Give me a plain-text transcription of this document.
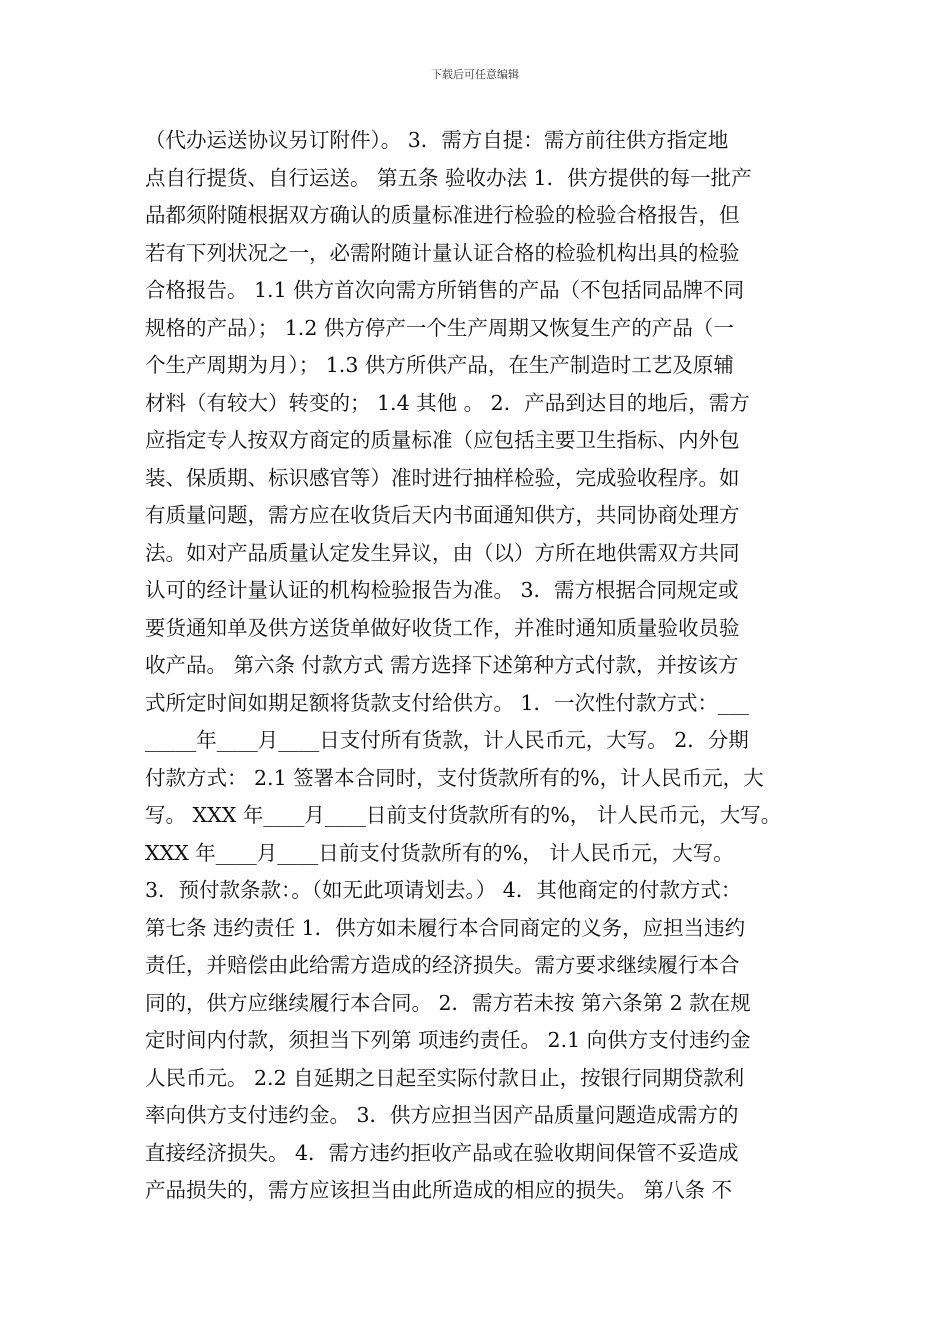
下载后可任意编辑
（代办运送协议另订附件）。 3．需方自提：需方前往供方指定地
点自行提货、自行运送。 第五条 验收办法 1．供方提供的每一批产
品都须附随根据双方确认的质量标准进行检验的检验合格报告，但
若有下列状况之一，必需附随计量认证合格的检验机构出具的检验
合格报告。 1.1 供方首次向需方所销售的产品（不包括同品牌不同
规格的产品）； 1.2 供方停产一个生产周期又恢复生产的产品（一
个生产周期为月）； 1.3 供方所供产品，在生产制造时工艺及原辅
材料（有较大）转变的； 1.4 其他 。 2．产品到达目的地后，需方
应指定专人按双方商定的质量标准（应包括主要卫生指标、内外包
装、保质期、标识感官等）准时进行抽样检验，完成验收程序。如
有质量问题，需方应在收货后天内书面通知供方，共同协商处理方
法。如对产品质量认定发生异议，由（以）方所在地供需双方共同
认可的经计量认证的机构检验报告为准。 3．需方根据合同规定或
要货通知单及供方送货单做好收货工作，并准时通知质量验收员验
收产品。 第六条 付款方式 需方选择下述第种方式付款，并按该方
式所定时间如期足额将货款支付给供方。 1．一次性付款方式：___
_____年____月____日支付所有货款，计人民币元，大写。 2．分期
付款方式： 2.1 签署本合同时，支付货款所有的%，计人民币元，大
写。 XXX 年____月____日前支付货款所有的%， 计人民币元，大写。
XXX 年____月____日前支付货款所有的%， 计人民币元，大写。
3．预付款条款：。（如无此项请划去。） 4．其他商定的付款方式：
第七条 违约责任 1．供方如未履行本合同商定的义务，应担当违约
责任，并赔偿由此给需方造成的经济损失。需方要求继续履行本合
同的，供方应继续履行本合同。 2．需方若未按 第六条第 2 款在规
定时间内付款，须担当下列第 项违约责任。 2.1 向供方支付违约金
人民币元。 2.2 自延期之日起至实际付款日止，按银行同期贷款利
率向供方支付违约金。 3．供方应担当因产品质量问题造成需方的
直接经济损失。 4．需方违约拒收产品或在验收期间保管不妥造成
产品损失的，需方应该担当由此所造成的相应的损失。 第八条 不
